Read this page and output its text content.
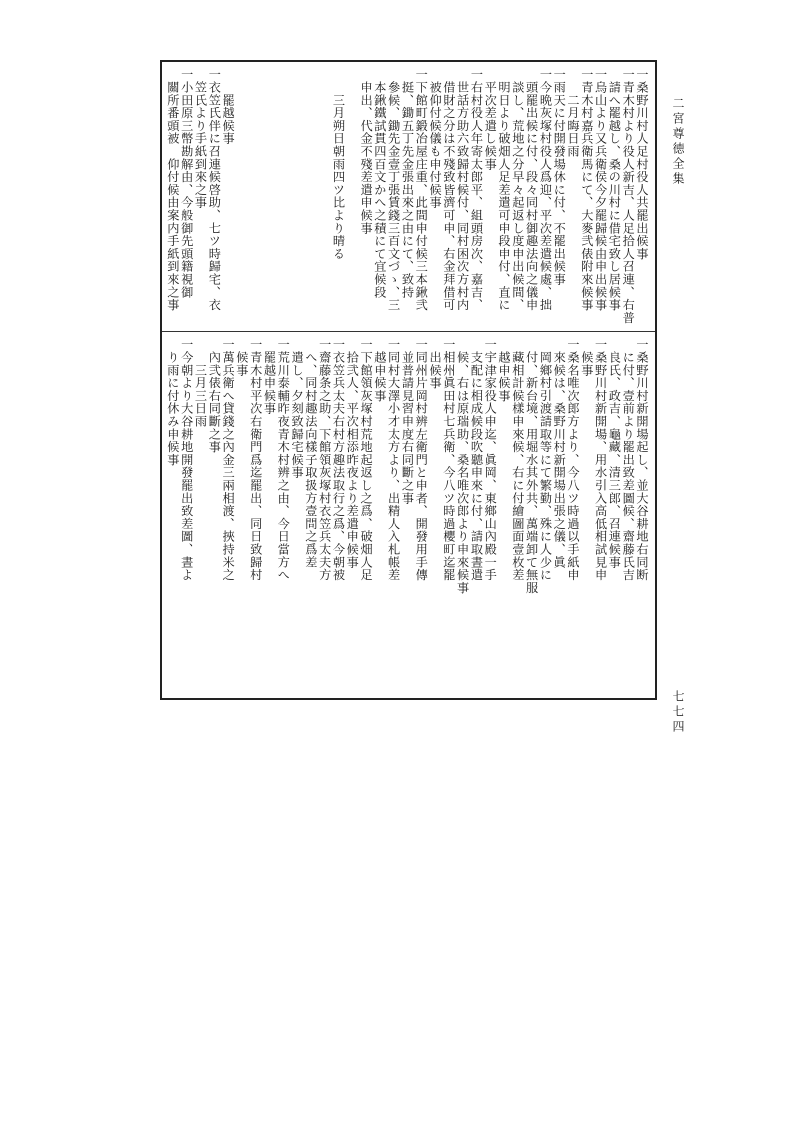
二宮尊徳全集
七七四
一桑野川村人足村役人共罷出候事
一青木村より役人新吉、人足拾人召連、右普
　請へ罷越し、桑の川村に借宅致し居候事
一烏山より又兵衛侯今夕罷歸候由申出候事
一青木村嘉兵衛馬にて、大麥弐俵附來候事
　　二月晦日雨
一雨天に付開發場休に付、不罷出候事
一今晩灰塚村役人爲迎、平次差遣候處、拙
　頭罷出候に付、段々同村御趣法向之儀申
　談し、荒地之分早々起返し度申出候間、
　明日より破畑人足差遣可申段申付、直に
　平次差遣し候事
一右村役人年寄太郎平、組頭房次、嘉吉、
　世話方助六致歸村候付、同村困次方村内
　借財之分は不殘致皆濟可申、右金拜借可
　被仰付候儀も申付候事
一下館町鍛冶屋庄重、此間申付候三本鍬弐
　挺、鋤五丁先金張出來之由にて、致持
　參候、鋤先金壹丁張賃錢三百文づゝ、三
　本鍬鐵試貫四百文かへ之積にて宜候段
　申出、代金不殘差遣申候事
　　三月朔日朝雨四ツ比より晴る
　　罷越候事
一衣笠氏伴に召連候啓助、七ツ時歸宅、衣
　笠氏より手紙到來之事
一小田原三幣勘解由、今般御先頭籍視御
　關所番頭被　仰付候由案内手紙到來之事
一桑野川村新開場起し、並大谷耕地右同断
　に付、壹前より罷出致差圖候、齋藤氏吉
　良氏、政吉、龜藏、清三郎、召連候事
一桑野川村新開場、用水引入高低相試見申
　候事
一桑名唯次郎方より、今八ツ時過以手紙申
　來候は、桑野川村新開場出張之儀、眞
　岡鄉村引渡請取等にて繁勤、殊に人少に
　付、新台境、用堀水其外共、萬端卸て無服
　藏相計候樣申來候、右に付繪圖面壹枚差
　越申候事
一宇津家役人申迄、眞岡、東鄉山內殿一手
　支配に相成候段吹聽申來に付、請取晝遣
　候、右は原瑞助、桑名唯次郎より申來候事
一相州眞田村七兵衛、今八ツ時過櫻町迄罷
　出候事
一同州片岡村辨左衛門と申者、開發用手傳
　並普請見習申度右同斷之事
一同村大澤小才太方より、出精人入札帳差
　越申候事
一下館領灰塚村荒地起返し之爲、破畑人足
　拾弐人、平次相添昨夜より差遣申候事
一衣笠兵太夫右村方趣法取行之爲、今朝被
一齋藤条之助、下館領灰塚村衣笠兵太夫方
　へ、同村趣法向樣子取扱方壹問之爲差
　遣し、夕刻致歸宅候事
一荒川泰輔昨夜青木村辨之由、今日當方へ
　罷越申候事
一青木村平次右衛門爲迄罷出、同日致歸村
　候事
一萬兵衛へ貸錢之內金三兩相渡、挾持米之
　內弐俵右同斷之事
　　三月三日雨
一今朝より大谷耕地開發罷出致差圖、晝よ
　り雨に付休み申候事
